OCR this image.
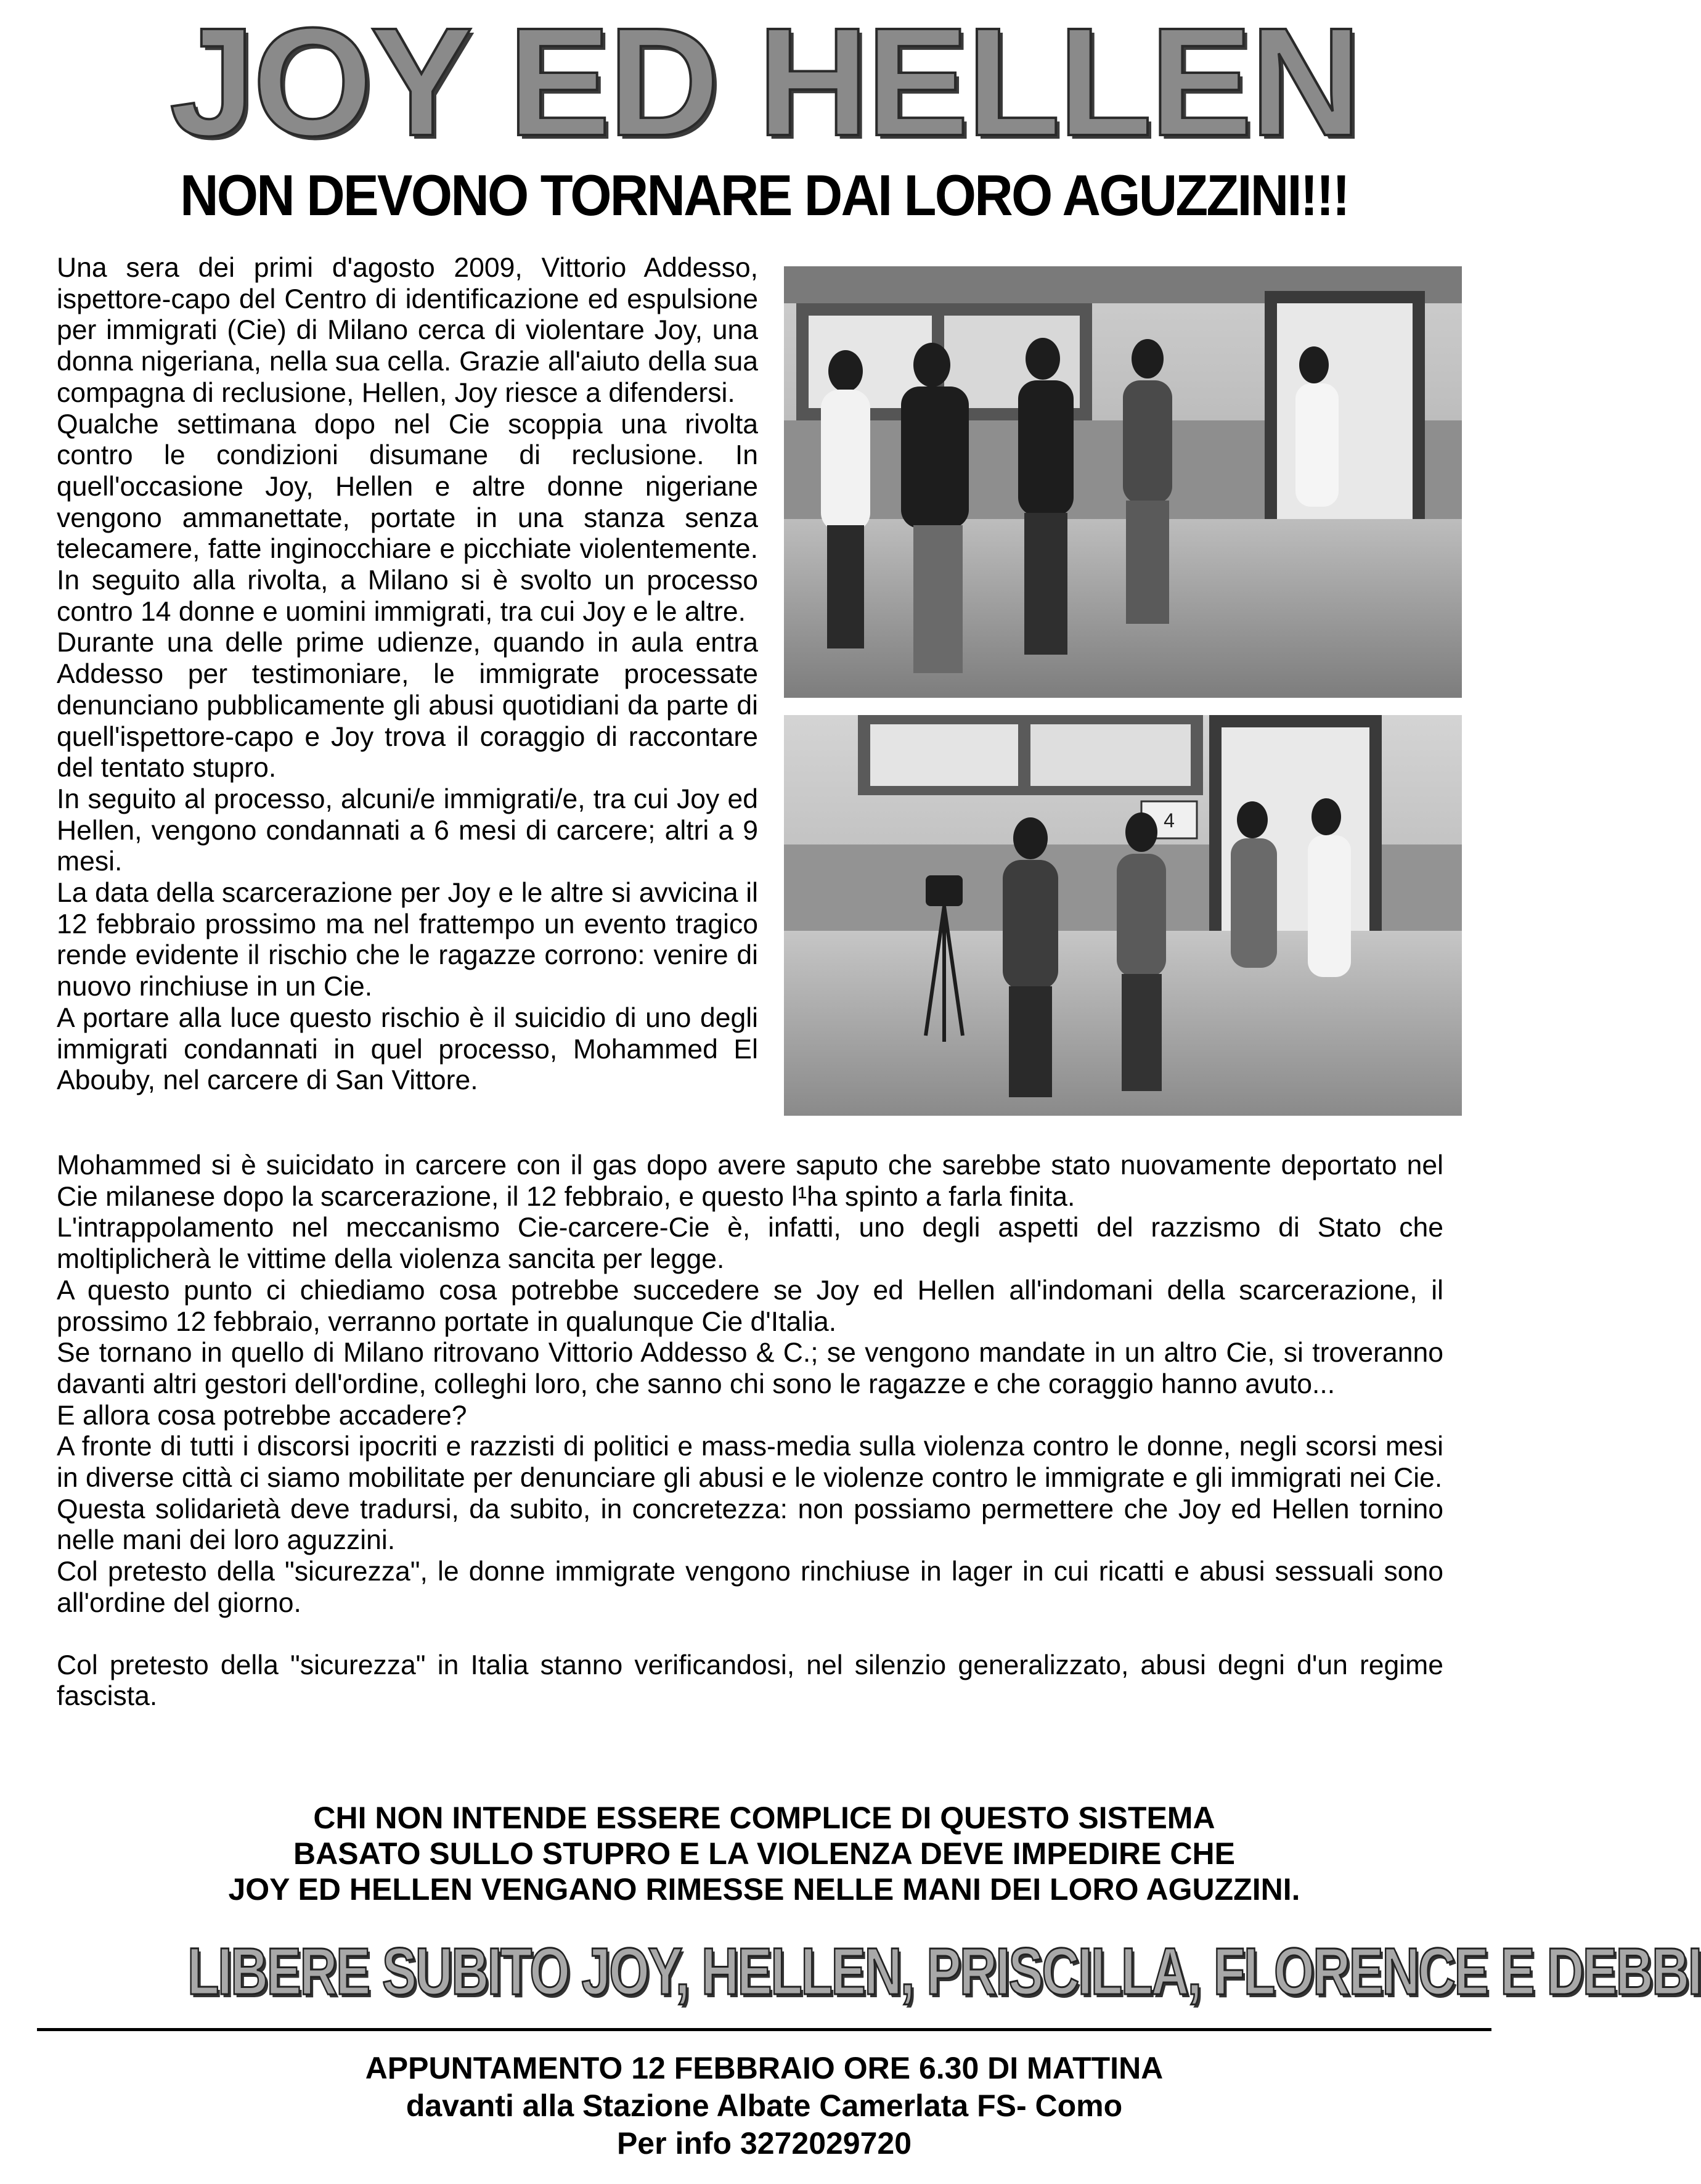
JOY ED HELLEN
NON DEVONO TORNARE DAI LORO AGUZZINI!!!

Una sera dei primi d'agosto 2009, Vittorio Addesso, ispettore-capo del Centro di identificazione ed espulsione per immigrati (Cie) di Milano cerca di violentare Joy, una donna nigeriana, nella sua cella. Grazie all'aiuto della sua compagna di reclusione, Hellen, Joy riesce a difendersi.

Qualche settimana dopo nel Cie scoppia una rivolta contro le condizioni disumane di reclusione. In quell'occasione Joy, Hellen e altre donne nigeriane vengono ammanettate, portate in una stanza senza telecamere, fatte inginocchiare e picchiate violentemente. In seguito alla rivolta, a Milano si è svolto un processo contro 14 donne e uomini immigrati, tra cui Joy e le altre.

Durante una delle prime udienze, quando in aula entra Addesso per testimoniare, le immigrate processate denunciano pubblicamente gli abusi quotidiani da parte di quell'ispettore-capo e Joy trova il coraggio di raccontare del tentato stupro.

In seguito al processo, alcuni/e immigrati/e, tra cui Joy ed Hellen, vengono condannati a 6 mesi di carcere; altri a 9 mesi.

La data della scarcerazione per Joy e le altre si avvicina il 12 febbraio prossimo ma nel frattempo un evento tragico rende evidente il rischio che le ragazze corrono: venire di nuovo rinchiuse in un Cie.

A portare alla luce questo rischio è il suicidio di uno degli immigrati condannati in quel processo, Mohammed El Abouby, nel carcere di San Vittore.

4

Mohammed si è suicidato in carcere con il gas dopo avere saputo che sarebbe stato nuovamente deportato nel Cie milanese dopo la scarcerazione, il 12 febbraio, e questo l¹ha spinto a farla finita.

L'intrappolamento nel meccanismo Cie-carcere-Cie è, infatti, uno degli aspetti del razzismo di Stato che moltiplicherà le vittime della violenza sancita per legge.

A questo punto ci chiediamo cosa potrebbe succedere se Joy ed Hellen all'indomani della scarcerazione, il prossimo 12 febbraio, verranno portate in qualunque Cie d'Italia.

Se tornano in quello di Milano ritrovano Vittorio Addesso & C.; se vengono mandate in un altro Cie, si troveranno davanti altri gestori dell'ordine, colleghi loro, che sanno chi sono le ragazze e che coraggio hanno avuto...

E allora cosa potrebbe accadere?

A fronte di tutti i discorsi ipocriti e razzisti di politici e mass-media sulla violenza contro le donne, negli scorsi mesi in diverse città ci siamo mobilitate per denunciare gli abusi e le violenze contro le immigrate e gli immigrati nei Cie.

Questa solidarietà deve tradursi, da subito, in concretezza: non possiamo permettere che Joy ed Hellen tornino nelle mani dei loro aguzzini.

Col pretesto della "sicurezza", le donne immigrate vengono rinchiuse in lager in cui ricatti e abusi sessuali sono all'ordine del giorno.

Col pretesto della "sicurezza" in Italia stanno verificandosi, nel silenzio generalizzato, abusi degni d'un regime fascista.

CHI NON INTENDE ESSERE COMPLICE DI QUESTO SISTEMA
BASATO SULLO STUPRO E LA VIOLENZA DEVE IMPEDIRE CHE
JOY ED HELLEN VENGANO RIMESSE NELLE MANI DEI LORO AGUZZINI.
LIBERE SUBITO JOY, HELLEN, PRISCILLA, FLORENCE E DEBBI
APPUNTAMENTO 12 FEBBRAIO ORE 6.30 DI MATTINA
davanti alla Stazione Albate Camerlata FS- Como
Per info 3272029720
